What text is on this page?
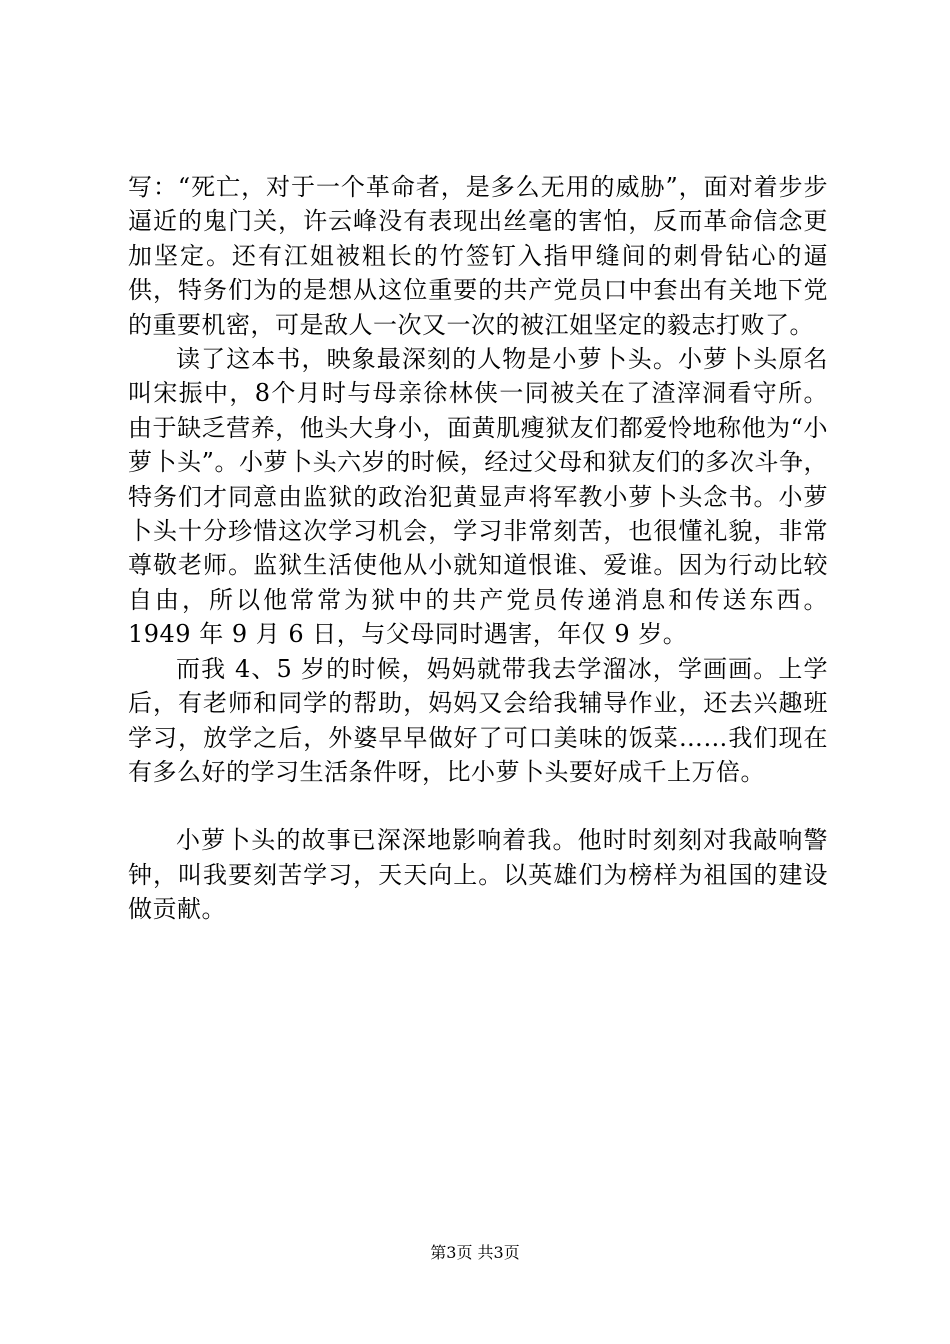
写：“死亡，对于一个革命者，是多么无用的威胁”，面对着步步逼近的鬼门关，许云峰没有表现出丝毫的害怕，反而革命信念更加坚定。还有江姐被粗长的竹签钉入指甲缝间的刺骨钻心的逼供，特务们为的是想从这位重要的共产党员口中套出有关地下党的重要机密，可是敌人一次又一次的被江姐坚定的毅志打败了。

读了这本书，映象最深刻的人物是小萝卜头。小萝卜头原名叫宋振中，8个月时与母亲徐林侠一同被关在了渣滓洞看守所。由于缺乏营养，他头大身小，面黄肌瘦狱友们都爱怜地称他为“小萝卜头”。小萝卜头六岁的时候，经过父母和狱友们的多次斗争，特务们才同意由监狱的政治犯黄显声将军教小萝卜头念书。小萝卜头十分珍惜这次学习机会，学习非常刻苦，也很懂礼貌，非常尊敬老师。监狱生活使他从小就知道恨谁、爱谁。因为行动比较自由，所以他常常为狱中的共产党员传递消息和传送东西。1949 年 9 月 6 日，与父母同时遇害，年仅 9 岁。

而我 4、5 岁的时候，妈妈就带我去学溜冰，学画画。上学后，有老师和同学的帮助，妈妈又会给我辅导作业，还去兴趣班学习，放学之后，外婆早早做好了可口美味的饭菜……我们现在有多么好的学习生活条件呀，比小萝卜头要好成千上万倍。

小萝卜头的故事已深深地影响着我。他时时刻刻对我敲响警钟，叫我要刻苦学习，天天向上。以英雄们为榜样为祖国的建设做贡献。

第3页 共3页
